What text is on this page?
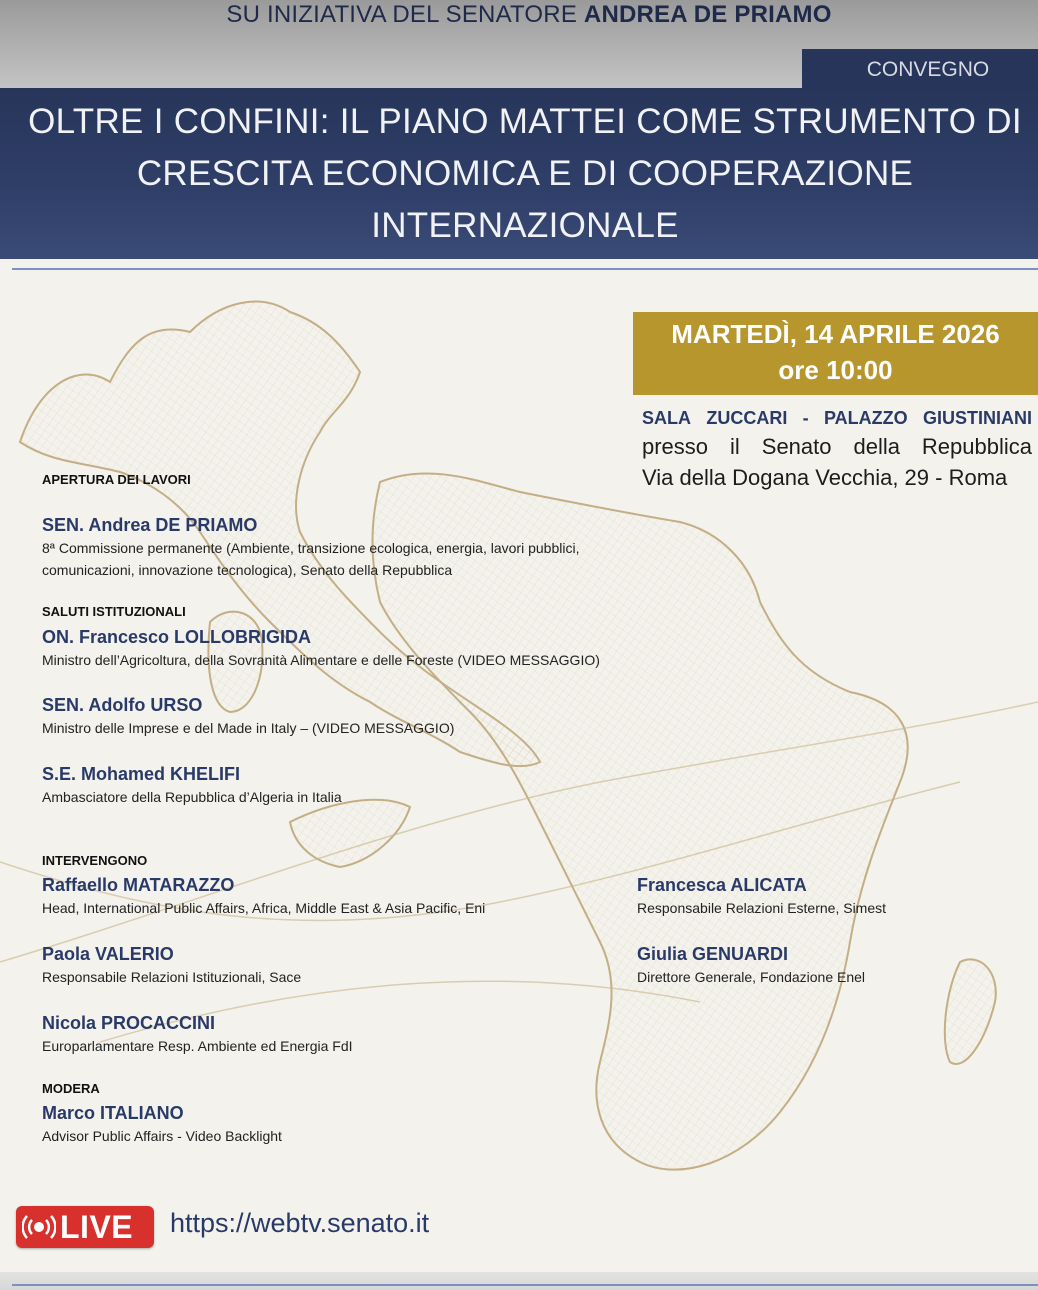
SU INIZIATIVA DEL SENATORE ANDREA DE PRIAMO
CONVEGNO
OLTRE I CONFINI: IL PIANO MATTEI COME STRUMENTO DI
CRESCITA ECONOMICA E DI COOPERAZIONE
INTERNAZIONALE
MARTEDÌ, 14 APRILE 2026
ore 10:00
SALA ZUCCARI - PALAZZO GIUSTINIANI
presso il Senato della Repubblica
Via della Dogana Vecchia, 29 - Roma
APERTURA DEI LAVORI
SEN. Andrea DE PRIAMO
8ª Commissione permanente (Ambiente, transizione ecologica, energia, lavori pubblici,
comunicazioni, innovazione tecnologica), Senato della Repubblica
SALUTI ISTITUZIONALI
ON. Francesco LOLLOBRIGIDA
Ministro dell’Agricoltura, della Sovranità Alimentare e delle Foreste (VIDEO MESSAGGIO)
SEN. Adolfo URSO
Ministro delle Imprese e del Made in Italy – (VIDEO MESSAGGIO)
S.E. Mohamed KHELIFI
Ambasciatore della Repubblica d’Algeria in Italia
INTERVENGONO
Raffaello MATARAZZO
Head, International Public Affairs, Africa, Middle East & Asia Pacific, Eni
Paola VALERIO
Responsabile Relazioni Istituzionali, Sace
Nicola PROCACCINI
Europarlamentare Resp. Ambiente ed Energia FdI
Francesca ALICATA
Responsabile Relazioni Esterne, Simest
Giulia GENUARDI
Direttore Generale, Fondazione Enel
MODERA
Marco ITALIANO
Advisor Public Affairs - Video Backlight
LIVE https://webtv.senato.it
